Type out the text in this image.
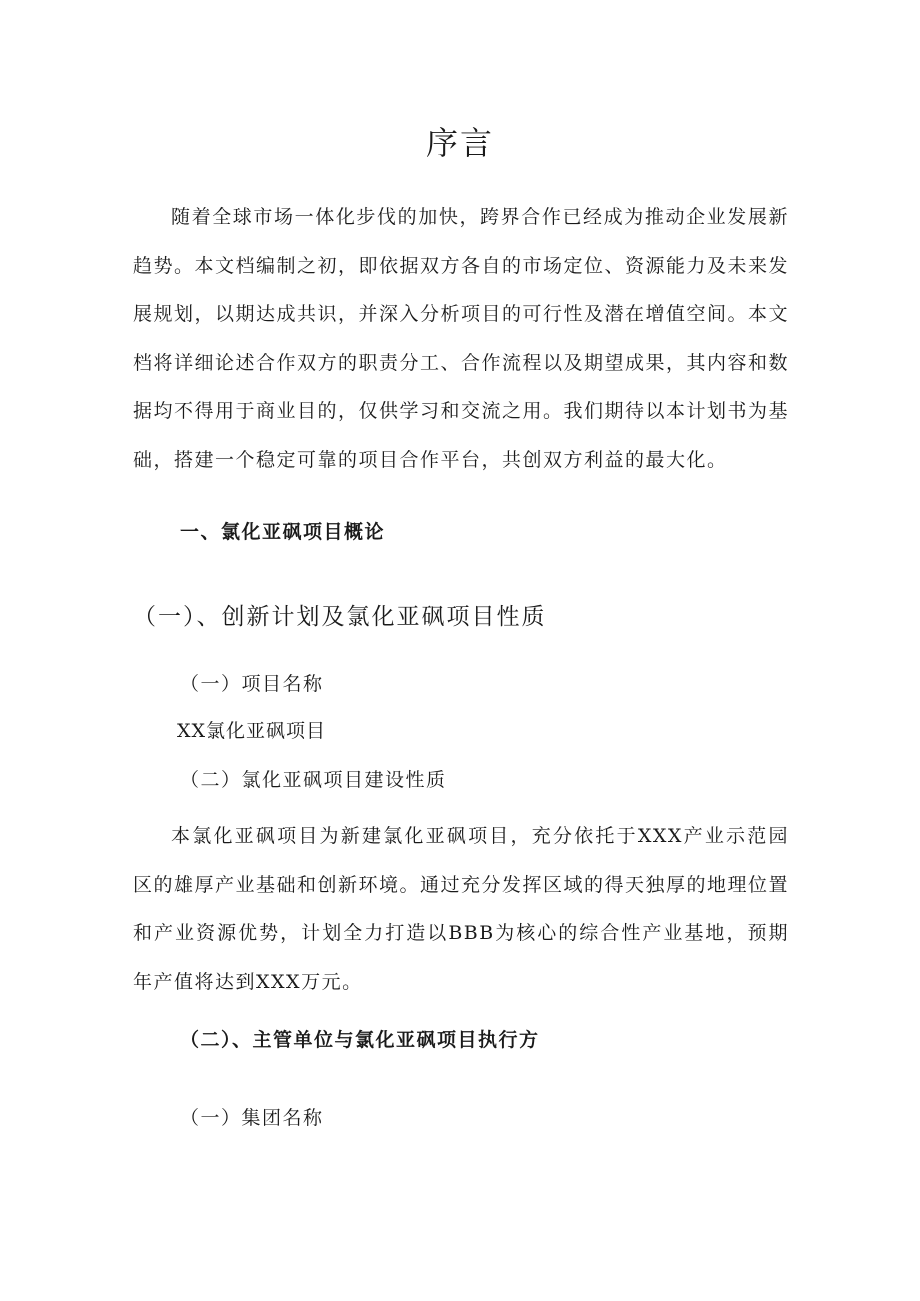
序言

随着全球市场一体化步伐的加快，跨界合作已经成为推动企业发展新趋势。本文档编制之初，即依据双方各自的市场定位、资源能力及未来发展规划，以期达成共识，并深入分析项目的可行性及潜在增值空间。本文档将详细论述合作双方的职责分工、合作流程以及期望成果，其内容和数据均不得用于商业目的，仅供学习和交流之用。我们期待以本计划书为基础，搭建一个稳定可靠的项目合作平台，共创双方利益的最大化。

一、氯化亚砜项目概论
（一）、创新计划及氯化亚砜项目性质
（一）项目名称
XX氯化亚砜项目
（二）氯化亚砜项目建设性质

本氯化亚砜项目为新建氯化亚砜项目，充分依托于XXX产业示范园区的雄厚产业基础和创新环境。通过充分发挥区域的得天独厚的地理位置和产业资源优势，计划全力打造以BBB为核心的综合性产业基地，预期年产值将达到XXX万元。

（二）、主管单位与氯化亚砜项目执行方
（一）集团名称
